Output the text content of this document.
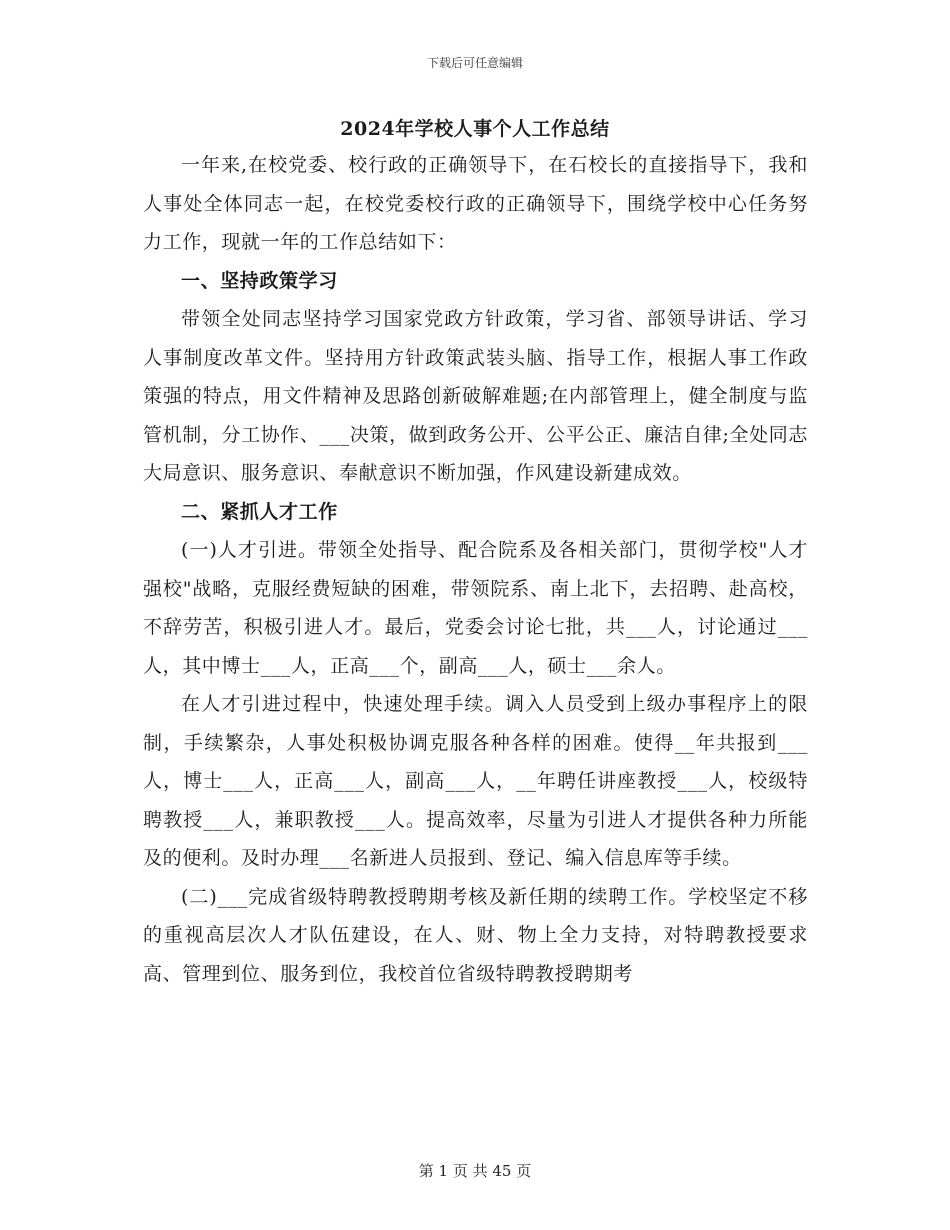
下载后可任意编辑
2024年学校人事个人工作总结

一年来,在校党委、校行政的正确领导下，在石校长的直接指导下，我和人事处全体同志一起，在校党委校行政的正确领导下，围绕学校中心任务努力工作，现就一年的工作总结如下：

一、坚持政策学习

带领全处同志坚持学习国家党政方针政策，学习省、部领导讲话、学习人事制度改革文件。坚持用方针政策武装头脑、指导工作，根据人事工作政策强的特点，用文件精神及思路创新破解难题;在内部管理上，健全制度与监管机制，分工协作、___决策，做到政务公开、公平公正、廉洁自律;全处同志大局意识、服务意识、奉献意识不断加强，作风建设新建成效。

二、紧抓人才工作

(一)人才引进。带领全处指导、配合院系及各相关部门，贯彻学校"人才强校"战略，克服经费短缺的困难，带领院系、南上北下，去招聘、赴高校，不辞劳苦，积极引进人才。最后，党委会讨论七批，共___人，讨论通过___人，其中博士___人，正高___个，副高___人，硕士___余人。

在人才引进过程中，快速处理手续。调入人员受到上级办事程序上的限制，手续繁杂，人事处积极协调克服各种各样的困难。使得__年共报到___人，博士___人，正高___人，副高___人，__年聘任讲座教授___人，校级特聘教授___人，兼职教授___人。提高效率，尽量为引进人才提供各种力所能及的便利。及时办理___名新进人员报到、登记、编入信息库等手续。

(二)___完成省级特聘教授聘期考核及新任期的续聘工作。学校坚定不移的重视高层次人才队伍建设，在人、财、物上全力支持，对特聘教授要求高、管理到位、服务到位，我校首位省级特聘教授聘期考

第 1 页 共 45 页
